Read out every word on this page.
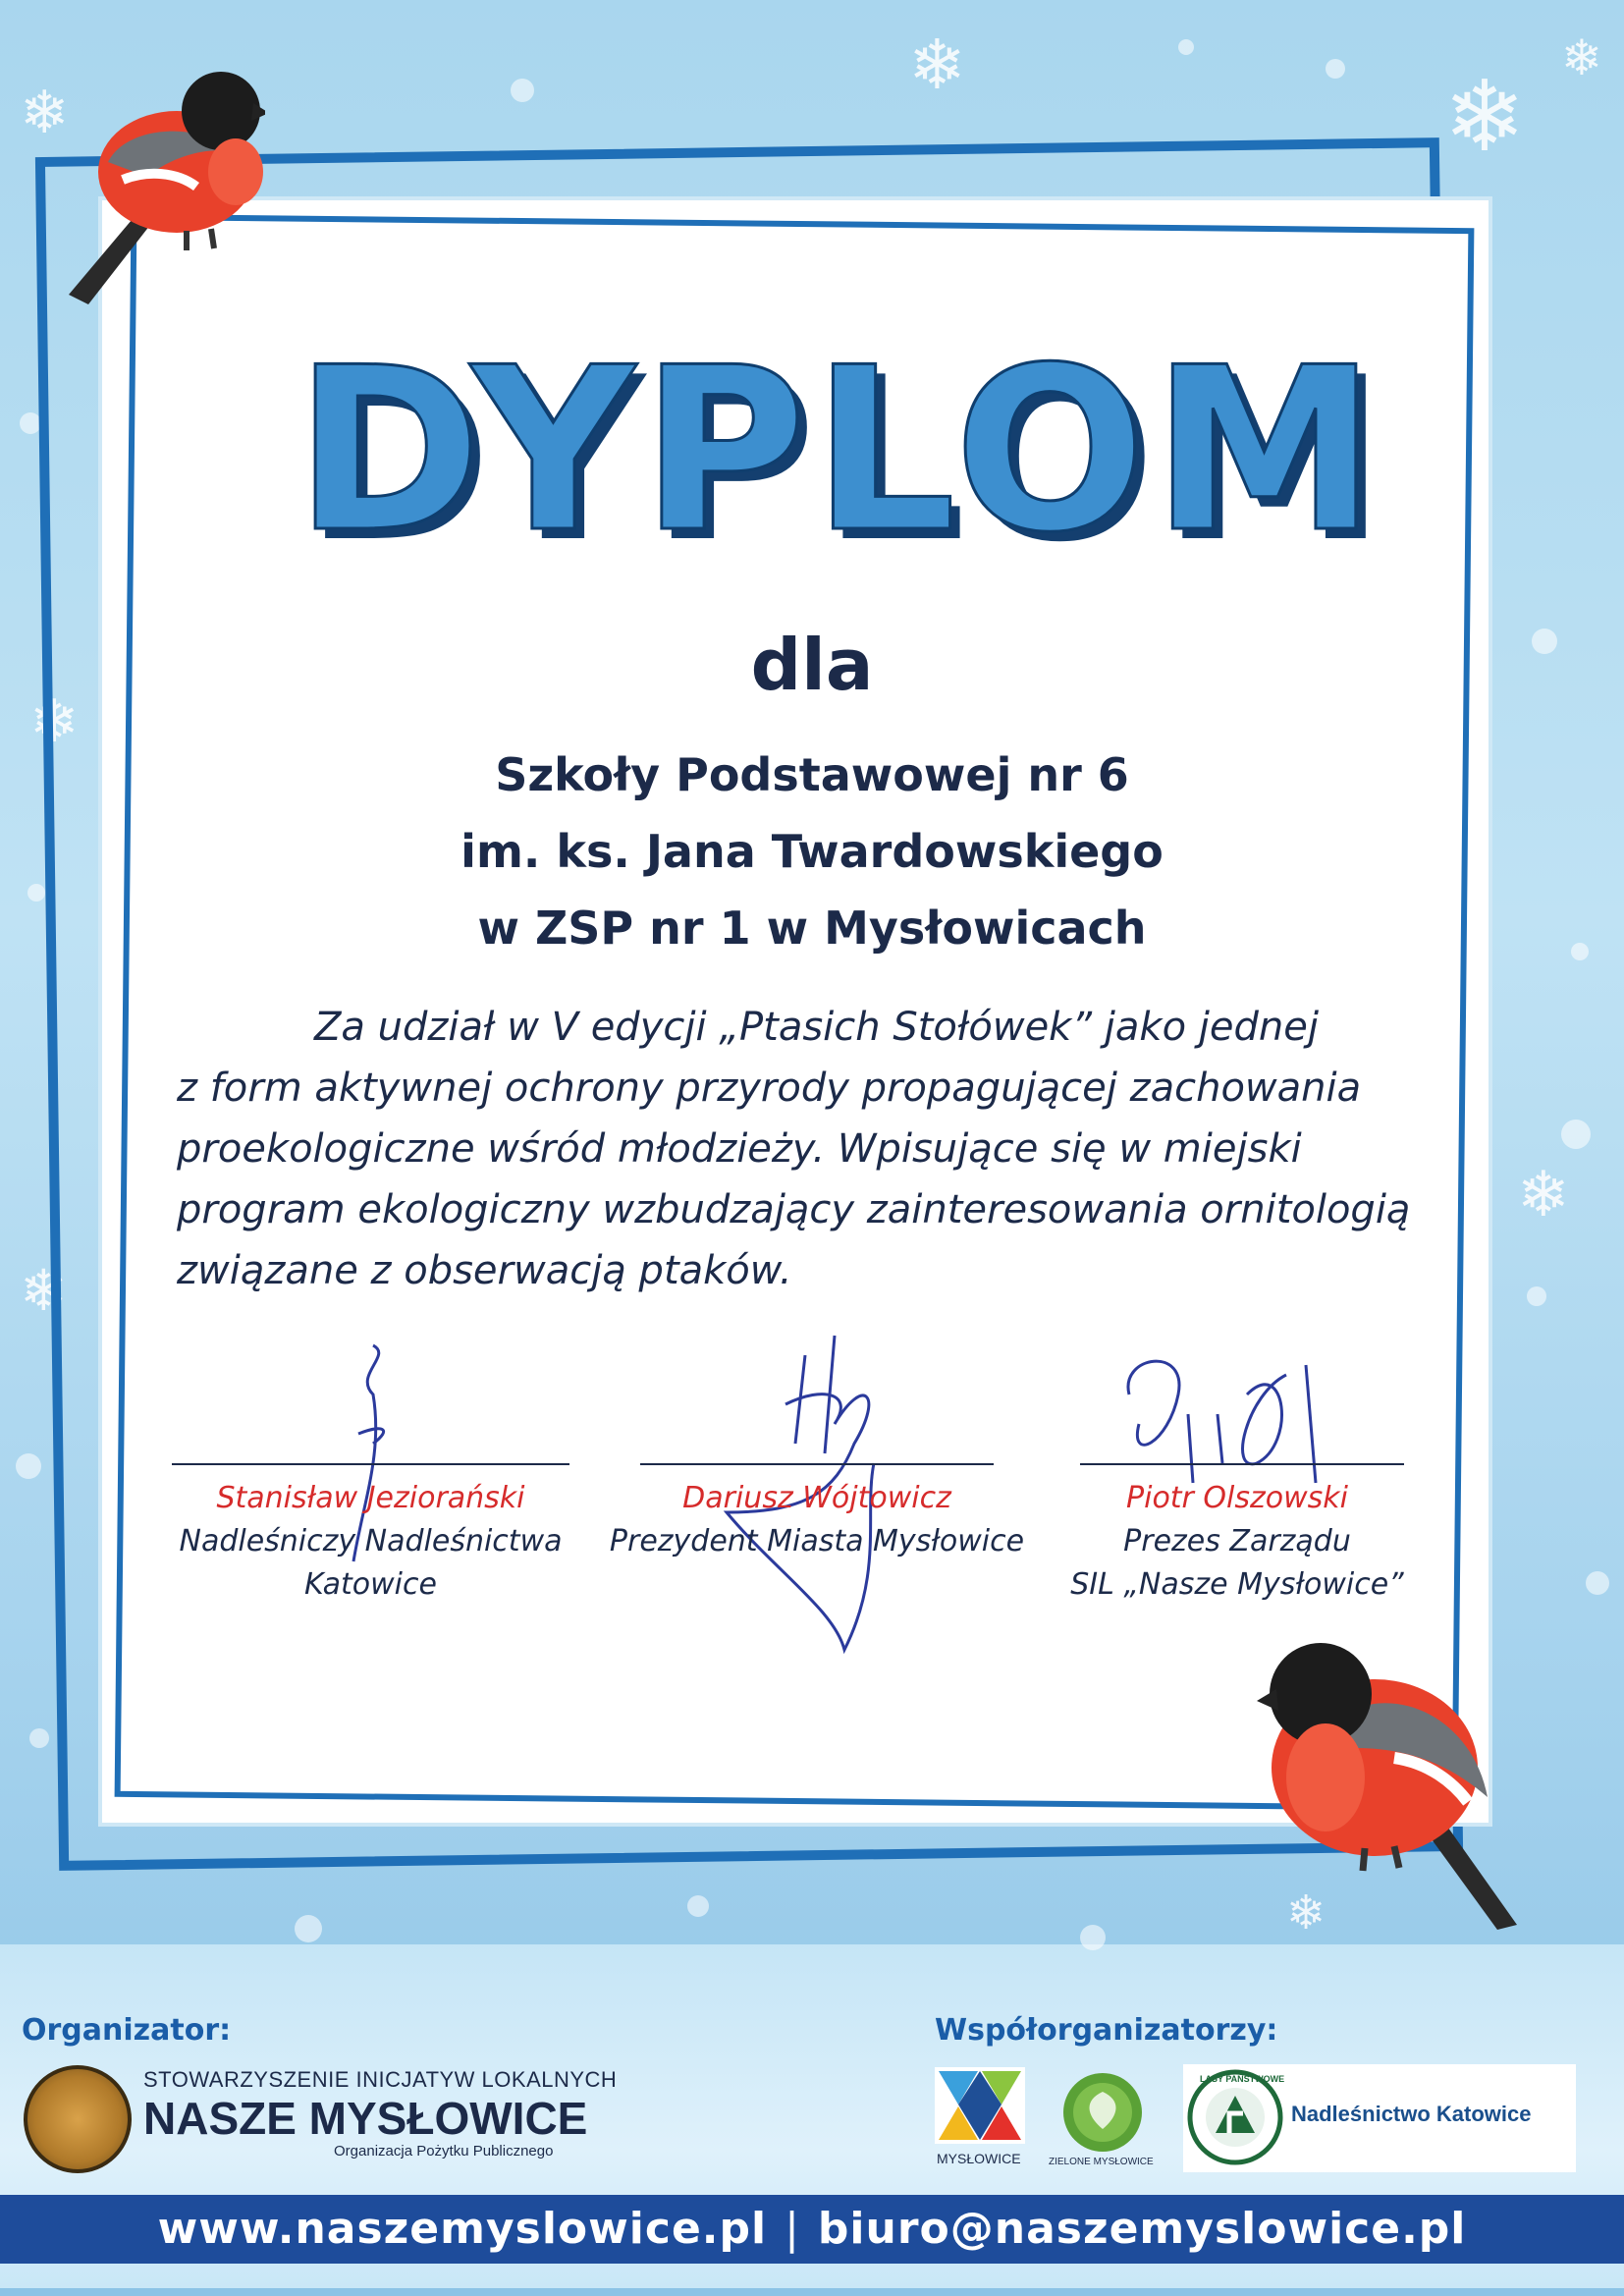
❄	❄
❄
❄
❄
❄
❄
❄
DYPLOM
dla
Szkoły Podstawowej nr 6
im. ks. Jana Twardowskiego
w ZSP nr 1 w Mysłowicach
Za udział w V edycji „Ptasich Stołówek” jako jednej
z form aktywnej ochrony przyrody propagującej zachowania
proekologiczne wśród młodzieży. Wpisujące się w miejski
program ekologiczny wzbudzający zainteresowania ornitologią
związane z obserwacją ptaków.
Stanisław Jeziorański
Nadleśniczy Nadleśnictwa
Katowice
Dariusz Wójtowicz
Prezydent Miasta Mysłowice
Piotr Olszowski
Prezes Zarządu
SIL „Nasze Mysłowice”
Organizator:
STOWARZYSZENIE INICJATYW LOKALNYCH
NASZE MYSŁOWICE
Organizacja Pożytku Publicznego
Współorganizatorzy:
MYSŁOWICE	ZIELONE MYSŁOWICE
LASY PAŃSTWOWE
Nadleśnictwo Katowice
www.naszemyslowice.pl | biuro@naszemyslowice.pl
